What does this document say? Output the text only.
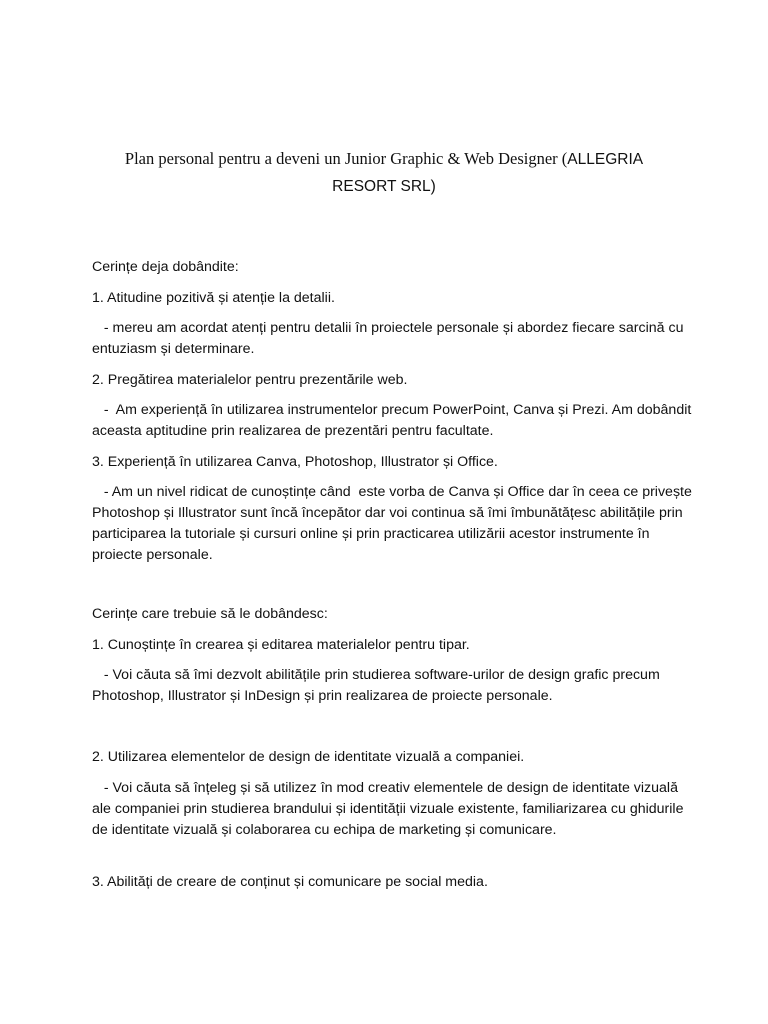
Plan personal pentru a deveni un Junior Graphic & Web Designer (ALLEGRIA
RESORT SRL)

Cerințe deja dobândite:

1. Atitudine pozitivă și atenție la detalii.

- mereu am acordat atenți pentru detalii în proiectele personale și abordez fiecare sarcină cu entuziasm și determinare.

2. Pregătirea materialelor pentru prezentările web.

-  Am experiență în utilizarea instrumentelor precum PowerPoint, Canva și Prezi. Am dobândit aceasta aptitudine prin realizarea de prezentări pentru facultate.

3. Experiență în utilizarea Canva, Photoshop, Illustrator și Office.

- Am un nivel ridicat de cunoștințe când  este vorba de Canva și Office dar în ceea ce privește Photoshop și Illustrator sunt încă începător dar voi continua să îmi îmbunătățesc abilitățile prin participarea la tutoriale și cursuri online și prin practicarea utilizării acestor instrumente în proiecte personale.

Cerințe care trebuie să le dobândesc:

1. Cunoștințe în crearea și editarea materialelor pentru tipar.

- Voi căuta să îmi dezvolt abilitățile prin studierea software-urilor de design grafic precum Photoshop, Illustrator și InDesign și prin realizarea de proiecte personale.

2. Utilizarea elementelor de design de identitate vizuală a companiei.

- Voi căuta să înțeleg și să utilizez în mod creativ elementele de design de identitate vizuală ale companiei prin studierea brandului și identității vizuale existente, familiarizarea cu ghidurile de identitate vizuală și colaborarea cu echipa de marketing și comunicare.

3. Abilități de creare de conținut și comunicare pe social media.
